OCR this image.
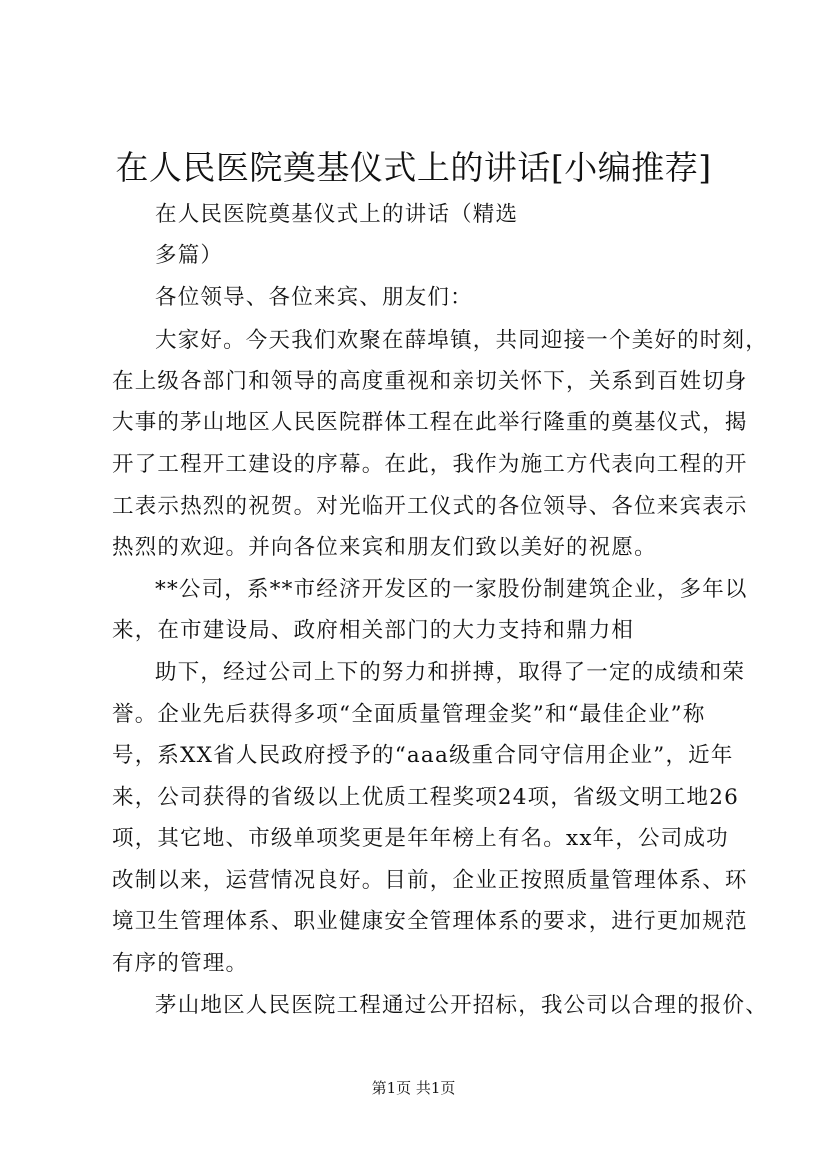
在人民医院奠基仪式上的讲话[小编推荐]
在人民医院奠基仪式上的讲话（精选
多篇）
各位领导、各位来宾、朋友们：
大家好。今天我们欢聚在薛埠镇，共同迎接一个美好的时刻，
在上级各部门和领导的高度重视和亲切关怀下，关系到百姓切身
大事的茅山地区人民医院群体工程在此举行隆重的奠基仪式，揭
开了工程开工建设的序幕。在此，我作为施工方代表向工程的开
工表示热烈的祝贺。对光临开工仪式的各位领导、各位来宾表示
热烈的欢迎。并向各位来宾和朋友们致以美好的祝愿。
**公司，系**市经济开发区的一家股份制建筑企业，多年以
来，在市建设局、政府相关部门的大力支持和鼎力相
助下，经过公司上下的努力和拼搏，取得了一定的成绩和荣
誉。企业先后获得多项“全面质量管理金奖”和“最佳企业”称
号，系XX省人民政府授予的“aaa级重合同守信用企业”，近年
来，公司获得的省级以上优质工程奖项24项，省级文明工地26
项，其它地、市级单项奖更是年年榜上有名。xx年，公司成功
改制以来，运营情况良好。目前，企业正按照质量管理体系、环
境卫生管理体系、职业健康安全管理体系的要求，进行更加规范
有序的管理。
茅山地区人民医院工程通过公开招标，我公司以合理的报价、
第1页 共1页
